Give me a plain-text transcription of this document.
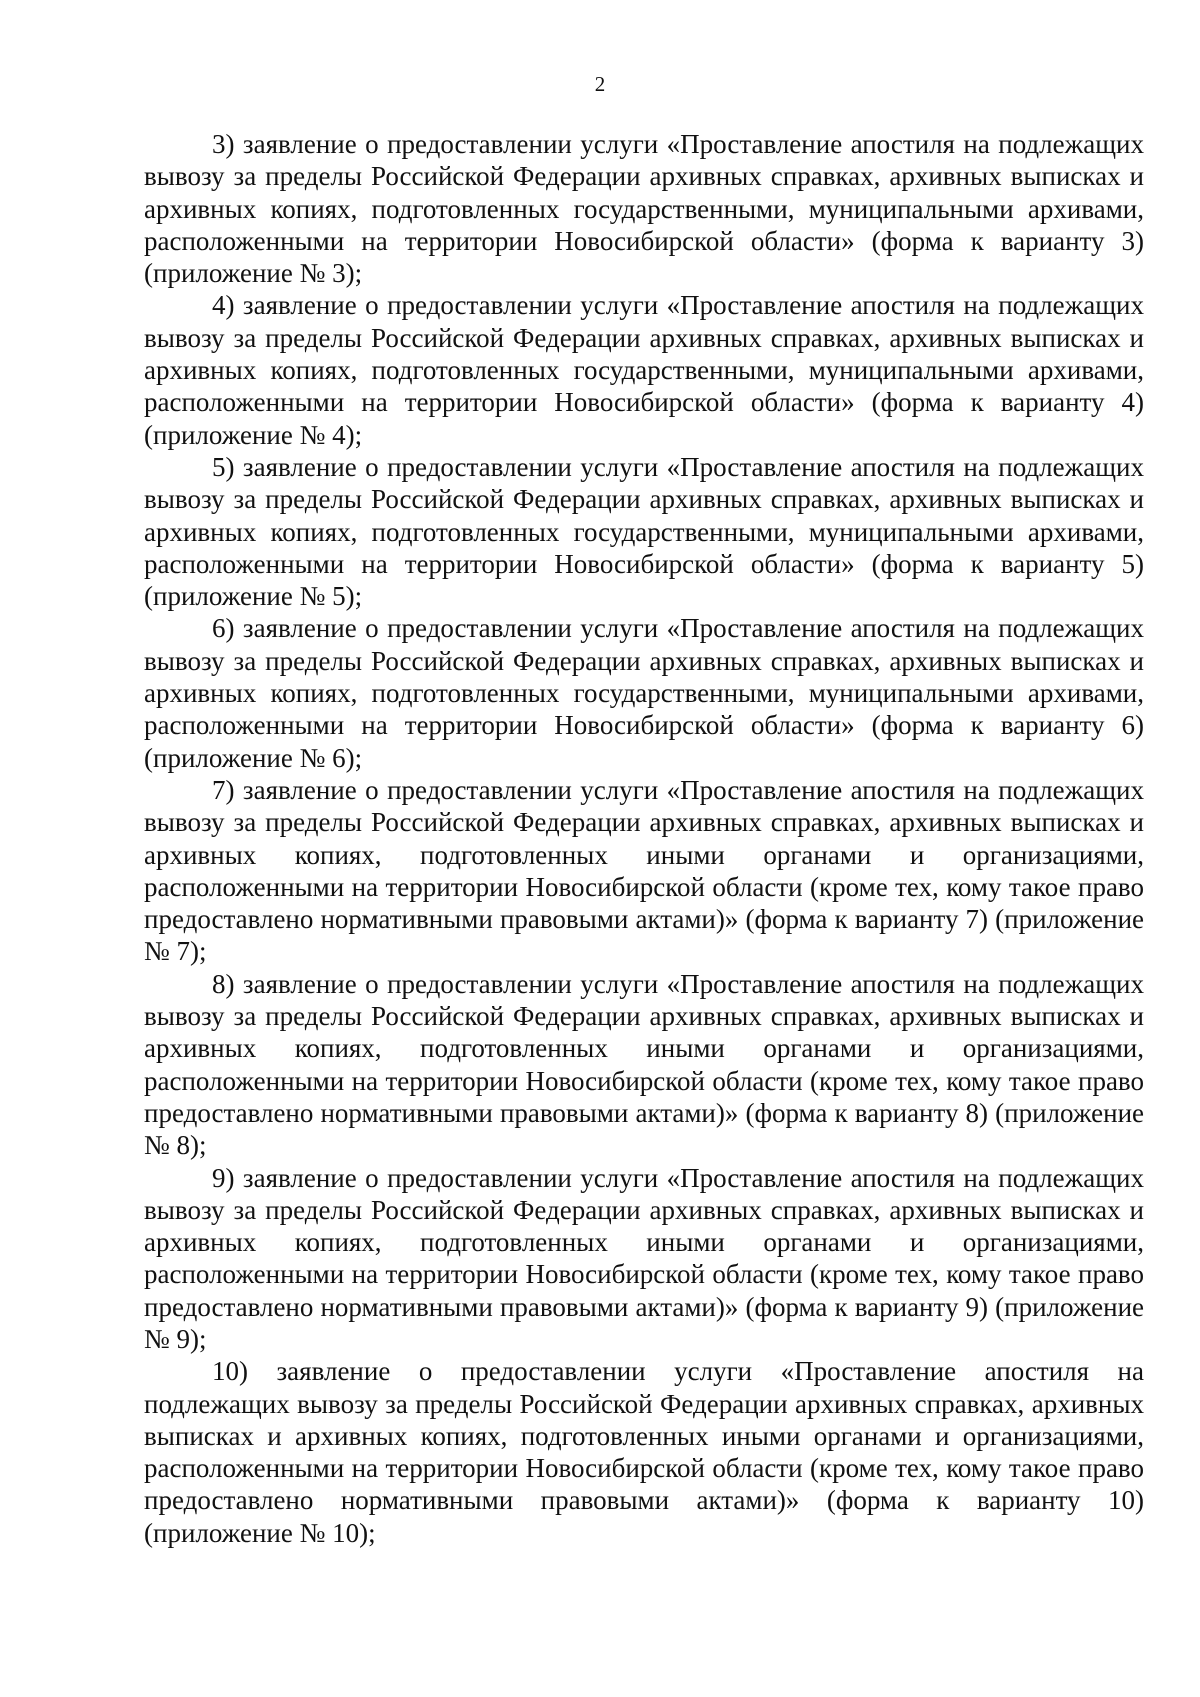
2

3) заявление о предоставлении услуги «Проставление апостиля на подлежащих вывозу за пределы Российской Федерации архивных справках, архивных выписках и архивных копиях, подготовленных государственными, муниципальными архивами, расположенными на территории Новосибирской области» (форма к варианту 3) (приложение № 3);

4) заявление о предоставлении услуги «Проставление апостиля на подлежащих вывозу за пределы Российской Федерации архивных справках, архивных выписках и архивных копиях, подготовленных государственными, муниципальными архивами, расположенными на территории Новосибирской области» (форма к варианту 4) (приложение № 4);

5) заявление о предоставлении услуги «Проставление апостиля на подлежащих вывозу за пределы Российской Федерации архивных справках, архивных выписках и архивных копиях, подготовленных государственными, муниципальными архивами, расположенными на территории Новосибирской области» (форма к варианту 5) (приложение № 5);

6) заявление о предоставлении услуги «Проставление апостиля на подлежащих вывозу за пределы Российской Федерации архивных справках, архивных выписках и архивных копиях, подготовленных государственными, муниципальными архивами, расположенными на территории Новосибирской области» (форма к варианту 6) (приложение № 6);

7) заявление о предоставлении услуги «Проставление апостиля на подлежащих вывозу за пределы Российской Федерации архивных справках, архивных выписках и архивных копиях, подготовленных иными органами и организациями, расположенными на территории Новосибирской области (кроме тех, кому такое право предоставлено нормативными правовыми актами)» (форма к варианту 7) (приложение № 7);

8) заявление о предоставлении услуги «Проставление апостиля на подлежащих вывозу за пределы Российской Федерации архивных справках, архивных выписках и архивных копиях, подготовленных иными органами и организациями, расположенными на территории Новосибирской области (кроме тех, кому такое право предоставлено нормативными правовыми актами)» (форма к варианту 8) (приложение № 8);

9) заявление о предоставлении услуги «Проставление апостиля на подлежащих вывозу за пределы Российской Федерации архивных справках, архивных выписках и архивных копиях, подготовленных иными органами и организациями, расположенными на территории Новосибирской области (кроме тех, кому такое право предоставлено нормативными правовыми актами)» (форма к варианту 9) (приложение № 9);

10) заявление о предоставлении услуги «Проставление апостиля на подлежащих вывозу за пределы Российской Федерации архивных справках, архивных выписках и архивных копиях, подготовленных иными органами и организациями, расположенными на территории Новосибирской области (кроме тех, кому такое право предоставлено нормативными правовыми актами)» (форма к варианту 10) (приложение № 10);
